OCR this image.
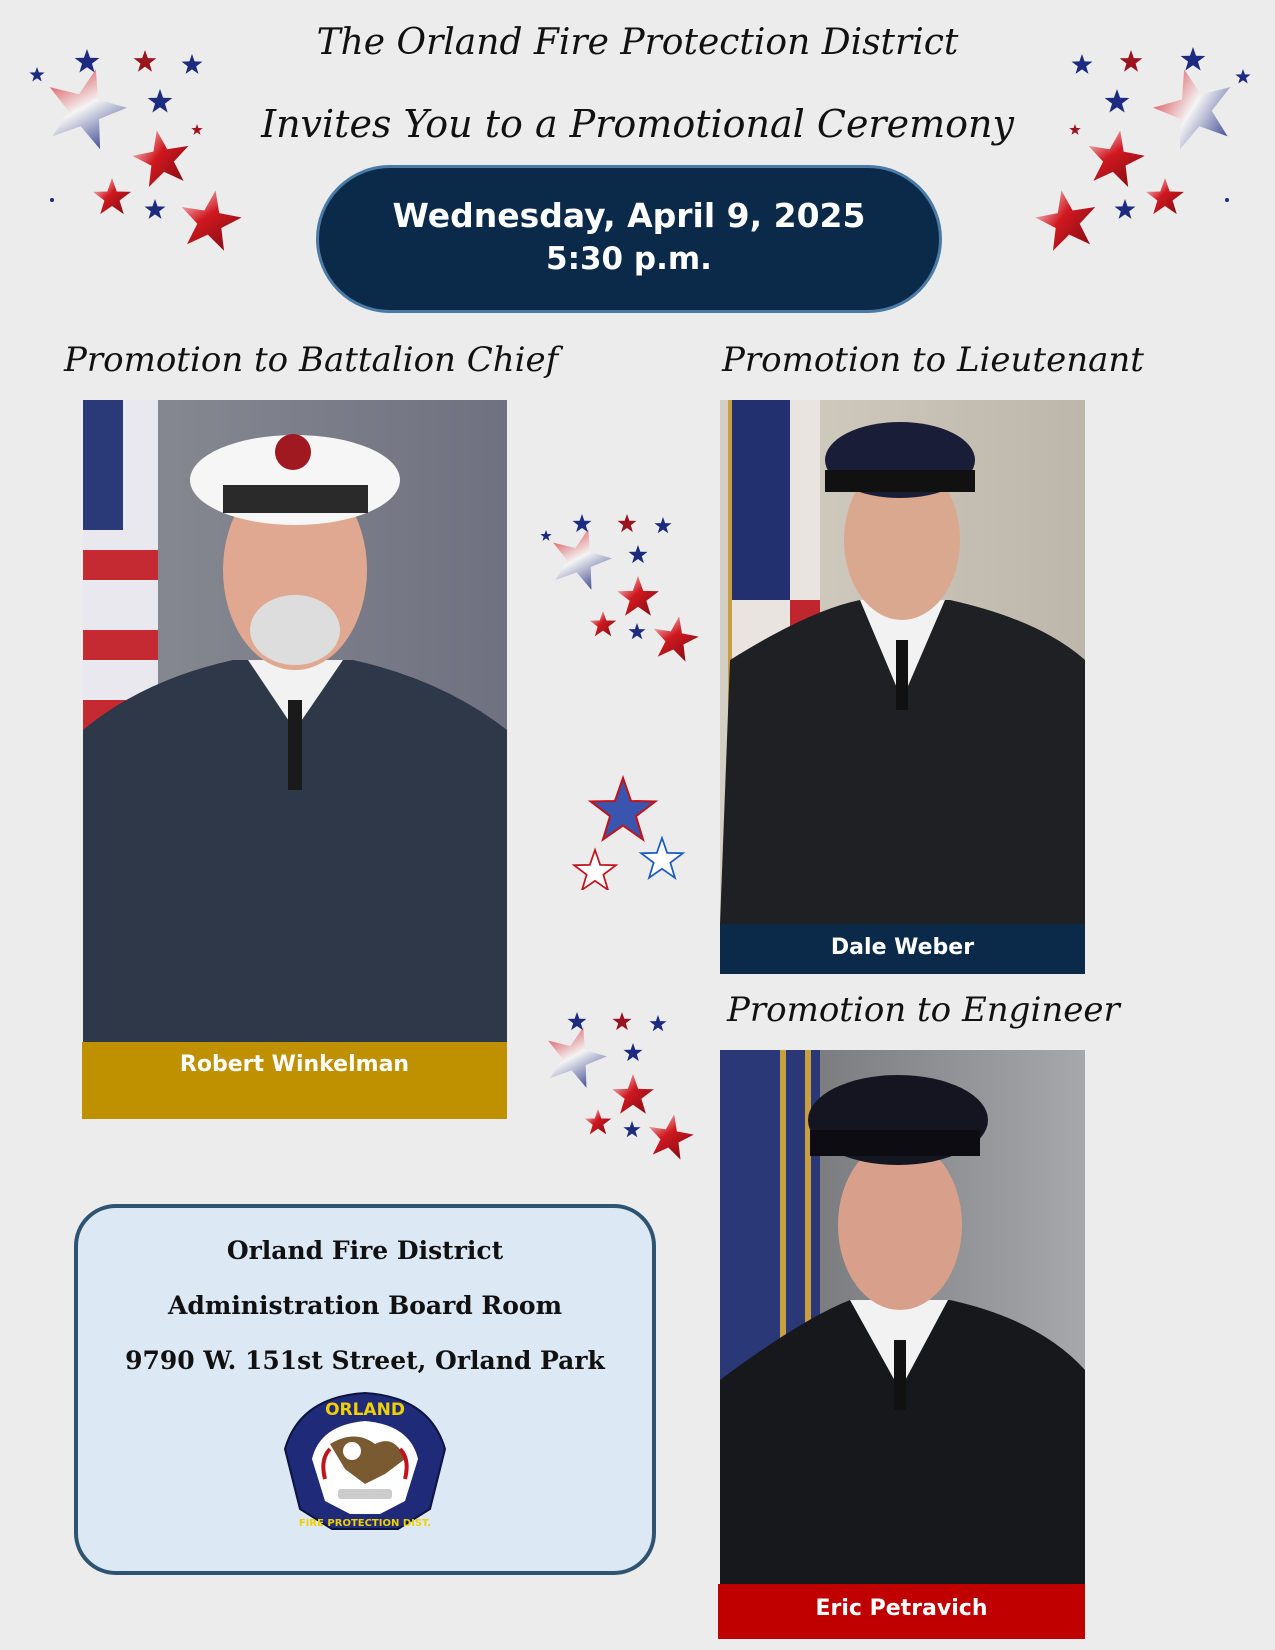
The Orland Fire Protection District
Invites You to a Promotional Ceremony
Wednesday, April 9, 2025
5:30 p.m.
Promotion to Battalion Chief	Promotion to Lieutenant
Promotion to Engineer
Robert Winkelman
Dale Weber
Eric Petravich
Orland Fire District
Administration Board Room
9790 W. 151st Street, Orland Park
ORLAND
FIRE PROTECTION DIST.
